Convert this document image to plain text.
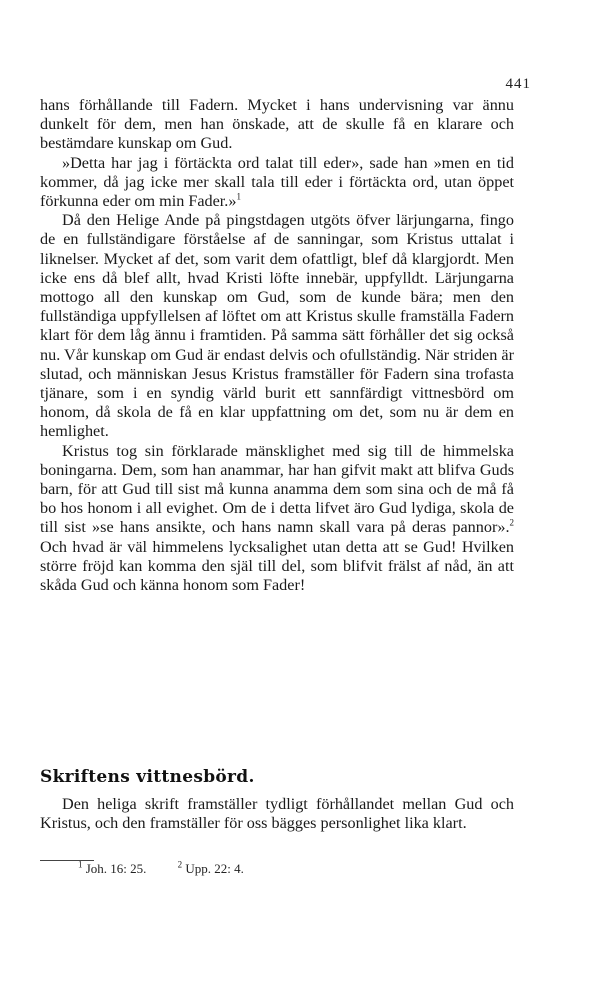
441

hans förhållande till Fadern. Mycket i hans undervisning var ännu dunkelt för dem, men han önskade, att de skulle få en klarare och bestämdare kunskap om Gud.

»Detta har jag i förtäckta ord talat till eder», sade han »men en tid kommer, då jag icke mer skall tala till eder i förtäckta ord, utan öppet förkunna eder om min Fader.»$^1$

Då den Helige Ande på pingstdagen utgöts öfver lärjungarna, fingo de en fullständigare förståelse af de sanningar, som Kristus uttalat i liknelser. Mycket af det, som varit dem ofattligt, blef då klargjordt. Men icke ens då blef allt, hvad Kristi löfte innebär, uppfylldt. Lärjungarna mottogo all den kunskap om Gud, som de kunde bära; men den fullständiga uppfyllelsen af löftet om att Kristus skulle framställa Fadern klart för dem låg ännu i framtiden. På samma sätt förhåller det sig också nu. Vår kunskap om Gud är endast delvis och ofullständig. När striden är slutad, och människan Jesus Kristus framställer för Fadern sina trofasta tjänare, som i en syndig värld burit ett sannfärdigt vittnesbörd om honom, då skola de få en klar uppfattning om det, som nu är dem en hemlighet.

Kristus tog sin förklarade mänsklighet med sig till de himmelska boningarna. Dem, som han anammar, har han gifvit makt att blifva Guds barn, för att Gud till sist må kunna anamma dem som sina och de må få bo hos honom i all evighet. Om de i detta lifvet äro Gud lydiga, skola de till sist »se hans ansikte, och hans namn skall vara på deras pannor».$^2$ Och hvad är väl himmelens lycksalighet utan detta att se Gud! Hvilken större fröjd kan komma den själ till del, som blifvit frälst af nåd, än att skåda Gud och känna honom som Fader!

Skriftens vittnesbörd.

Den heliga skrift framställer tydligt förhållandet mellan Gud och Kristus, och den framställer för oss bägges personlighet lika klart.

$^1$ Joh. 16: 25.	$^2$ Upp. 22: 4.
